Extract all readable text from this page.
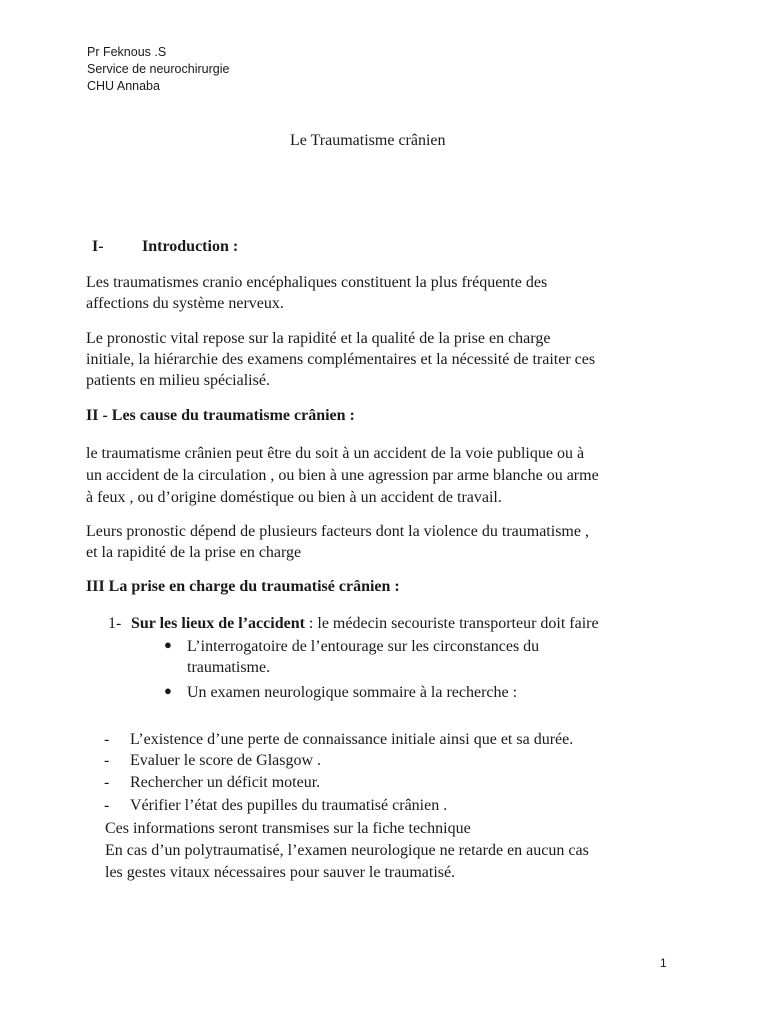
Pr Feknous .S
Service de neurochirurgie
CHU Annaba
Le Traumatisme crânien
I- Introduction :
Les traumatismes cranio encéphaliques constituent la plus fréquente des
affections du système nerveux.
Le pronostic vital repose sur la rapidité et la qualité de la prise en charge
initiale, la hiérarchie des examens complémentaires et la nécessité de traiter ces
patients en milieu spécialisé.
II - Les cause du traumatisme crânien :
le traumatisme crânien peut être du soit à un accident de la voie publique ou à
un accident de la circulation , ou bien à une agression par arme blanche ou arme
à feux , ou d’origine doméstique ou bien à un accident de travail.
Leurs pronostic dépend de plusieurs facteurs dont la violence du traumatisme ,
et la rapidité de la prise en charge
III La prise en charge du traumatisé crânien :
1- Sur les lieux de l’accident : le médecin secouriste transporteur doit faire
● L’interrogatoire de l’entourage sur les circonstances du
traumatisme.
● Un examen neurologique sommaire à la recherche :
- L’existence d’une perte de connaissance initiale ainsi que et sa durée.
- Evaluer le score de Glasgow .
- Rechercher un déficit moteur.
- Vérifier l’état des pupilles du traumatisé crânien .
Ces informations seront transmises sur la fiche technique
En cas d’un polytraumatisé, l’examen neurologique ne retarde en aucun cas
les gestes vitaux nécessaires pour sauver le traumatisé.
1
